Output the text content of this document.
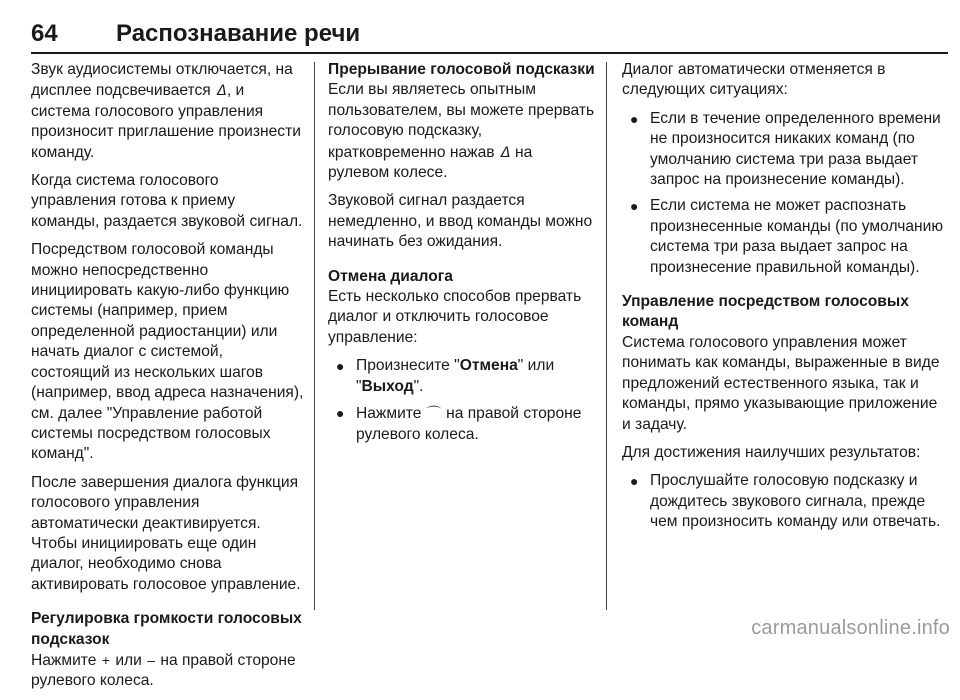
64 Распознавание речи

Звук аудиосистемы отключается, на дисплее подсвечивается 𝛥, и система голосового управления произносит приглашение произнести команду.

Когда система голосового управления готова к приему команды, раздается звуковой сигнал.

Посредством голосовой команды можно непосредственно инициировать какую-либо функцию системы (например, прием определенной радиостанции) или начать диалог с системой, состоящий из нескольких шагов (например, ввод адреса назначения), см. далее "Управление работой системы посредством голосовых команд".

После завершения диалога функция голосового управления автоматически деактивируется. Чтобы инициировать еще один диалог, необходимо снова активировать голосовое управление.

Регулировка громкости голосовых подсказок

Нажмите + или – на правой стороне рулевого колеса.

Прерывание голосовой подсказки

Если вы являетесь опытным пользователем, вы можете прервать голосовую подсказку, кратковременно нажав 𝛥 на рулевом колесе.

Звуковой сигнал раздается немедленно, и ввод команды можно начинать без ожидания.

Отмена диалога

Есть несколько способов прервать диалог и отключить голосовое управление:

● Произнесите "Отмена" или "Выход".
● Нажмите ⌒ на правой стороне рулевого колеса.

Диалог автоматически отменяется в следующих ситуациях:

● Если в течение определенного времени не произносится никаких команд (по умолчанию система три раза выдает запрос на произнесение команды).
● Если система не может распознать произнесенные команды (по умолчанию система три раза выдает запрос на произнесение правильной команды).

Управление посредством голосовых команд

Система голосового управления может понимать как команды, выраженные в виде предложений естественного языка, так и команды, прямо указывающие приложение и задачу.

Для достижения наилучших результатов:

● Прослушайте голосовую подсказку и дождитесь звукового сигнала, прежде чем произносить команду или отвечать.
carmanualsonline.info
